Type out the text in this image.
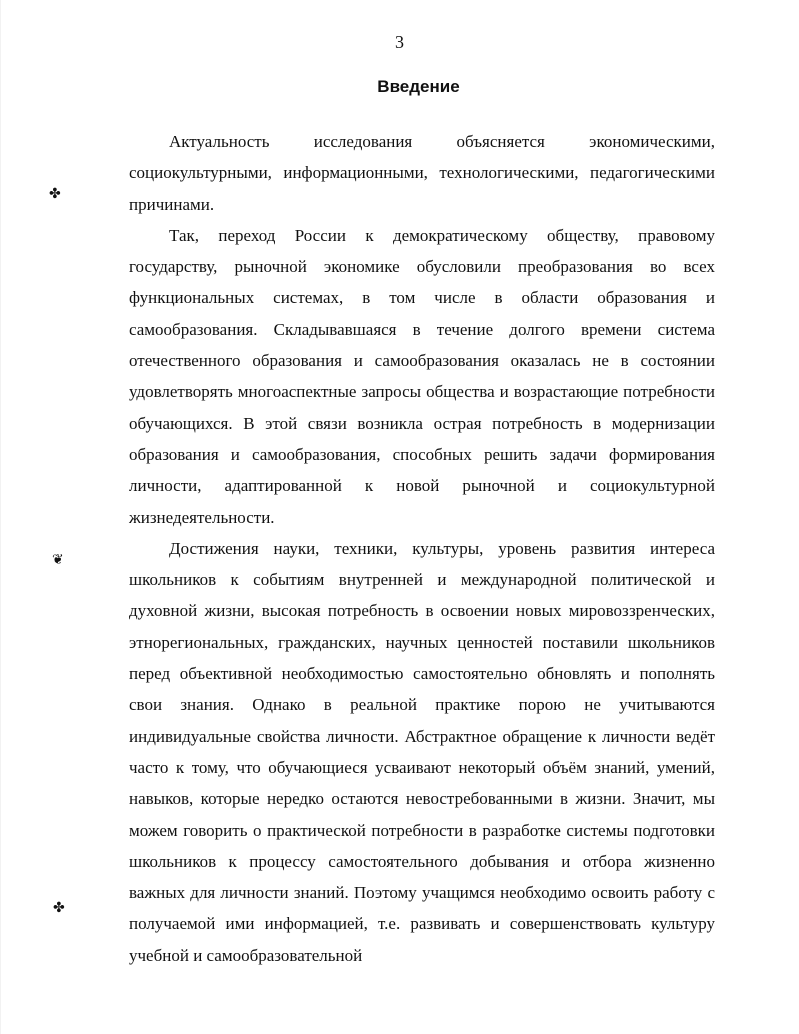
3
Введение

Актуальность исследования объясняется экономическими, социокультурными, информационными, технологическими, педагогическими причинами.

Так, переход России к демократическому обществу, правовому государству, рыночной экономике обусловили преобразования во всех функциональных системах, в том числе в области образования и самообразования. Складывавшаяся в течение долгого времени система отечественного образования и самообразования оказалась не в состоянии удовлетворять многоаспектные запросы общества и возрастающие потребности обучающихся. В этой связи возникла острая потребность в модернизации образования и самообразования, способных решить задачи формирования личности, адаптированной к новой рыночной и социокультурной жизнедеятельности.

Достижения науки, техники, культуры, уровень развития интереса школьников к событиям внутренней и международной политической и духовной жизни, высокая потребность в освоении новых мировоззренческих, этнорегиональных, гражданских, научных ценностей поставили школьников перед объективной необходимостью самостоятельно обновлять и пополнять свои знания. Однако в реальной практике порою не учитываются индивидуальные свойства личности. Абстрактное обращение к личности ведёт часто к тому, что обучающиеся усваивают некоторый объём знаний, умений, навыков, которые нередко остаются невостребованными в жизни. Значит, мы можем говорить о практической потребности в разработке системы подготовки школьников к процессу самостоятельного добывания и отбора жизненно важных для личности знаний. Поэтому учащимся необходимо освоить работу с получаемой ими информацией, т.е. развивать и совершенствовать культуру учебной и самообразовательной

✤
❦
✤
